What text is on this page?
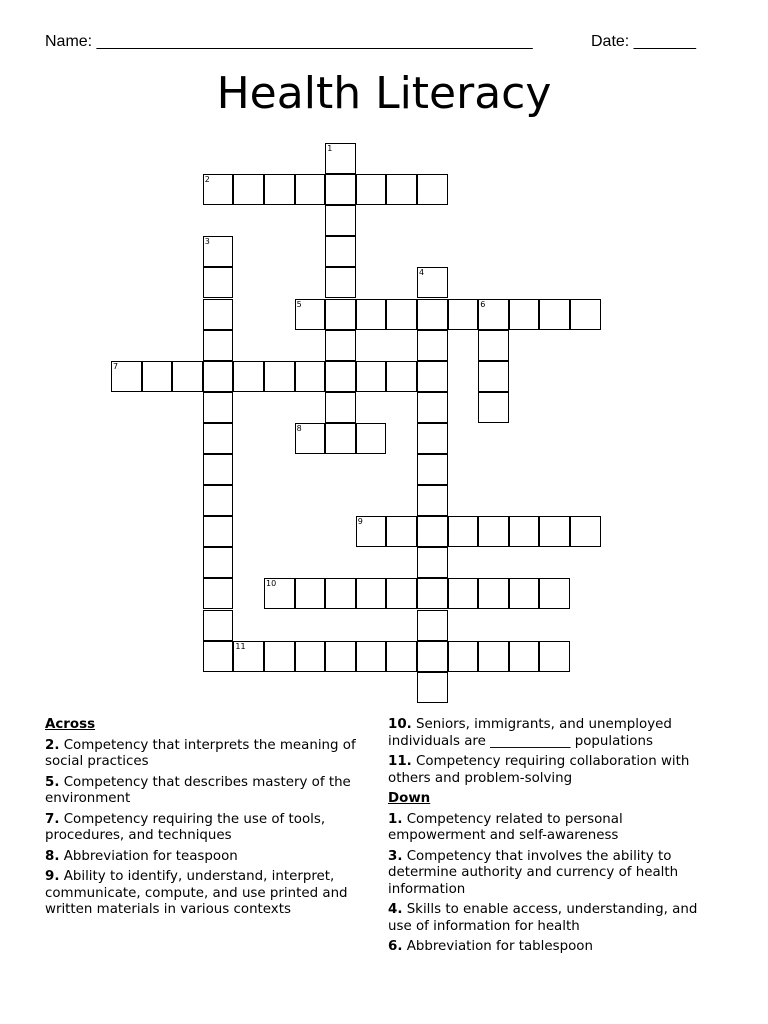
Name: _________________________________________________	Date: _______
Health Literacy
1
2
3
4
5	6
7
8
9
10
11
Across
2. Competency that interprets the meaning of social practices
5. Competency that describes mastery of the environment
7. Competency requiring the use of tools, procedures, and techniques
8. Abbreviation for teaspoon
9. Ability to identify, understand, interpret, communicate, compute, and use printed and written materials in various contexts
10. Seniors, immigrants, and unemployed individuals are ____________ populations
11. Competency requiring collaboration with others and problem-solving
Down
1. Competency related to personal empowerment and self-awareness
3. Competency that involves the ability to determine authority and currency of health information
4. Skills to enable access, understanding, and use of information for health
6. Abbreviation for tablespoon
